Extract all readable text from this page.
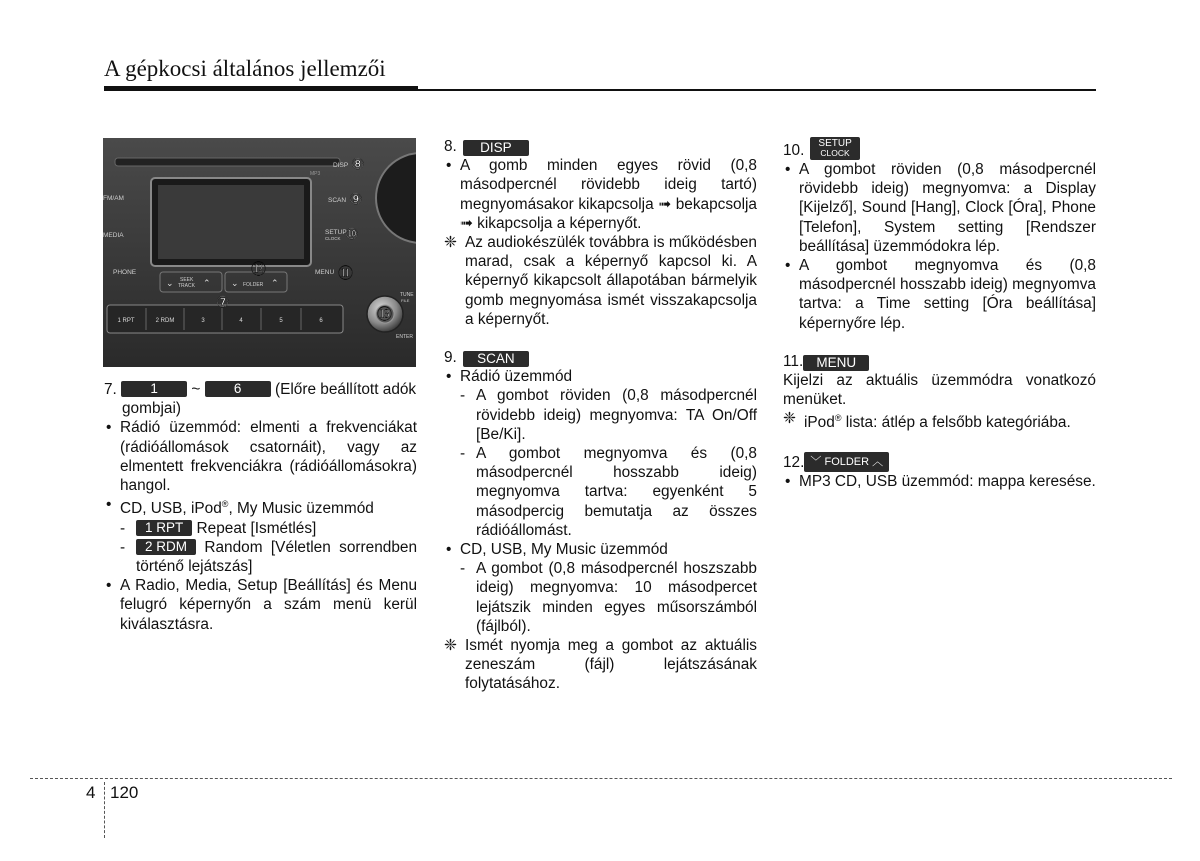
A gépkocsi általános jellemzői
FM/AM
MEDIA
PHONE
DISP
SCAN
SETUP
CLOCK
MENU
SEEK
TRACK	FOLDER
TUNE
FILE
ENTER
MP3
⌄	⌃ ⌄	⌃
1 RPT	2 RDM	3	4	5	6
⑧
⑨
⑩
⑪
⑫
⑦
⑬
7. 1 ~ 6 (Előre beállított adók
gombjai)
• Rádió üzemmód: elmenti a frekvenciákat (rádióállomások csatornáit), vagy az elmentett frekvenciákra (rádióállomásokra) hangol.
• CD, USB, iPod®, My Music üzemmód
- 1 RPT Repeat [Ismétlés]
- 2 RDM Random [Véletlen sorrendben történő lejátszás]
• A Radio, Media, Setup [Beállítás] és Menu felugró képernyőn a szám menü kerül kiválasztásra.
8.	DISP
• A gomb minden egyes rövid (0,8 másodpercnél rövidebb ideig tartó) megnyomásakor kikapcsolja ➟ bekapcsolja ➟ kikapcsolja a képernyőt.
❈ Az audiokészülék továbbra is működésben marad, csak a képernyő kapcsol ki. A képernyő kikapcsolt állapotában bármelyik gomb megnyomása ismét visszakapcsolja a képernyőt.
9.	SCAN
• Rádió üzemmód
- A gombot röviden (0,8 másodpercnél rövidebb ideig) megnyomva: TA On/Off [Be/Ki].
- A gombot megnyomva és (0,8 másodpercnél hosszabb ideig) megnyomva tartva: egyenként 5 másodpercig bemutatja az összes rádióállomást.
• CD, USB, My Music üzemmód
- A gombot (0,8 másodpercnél hoszszabb ideig) megnyomva: 10 másodpercet lejátszik minden egyes műsorszámból (fájlból).
❈ Ismét nyomja meg a gombot az aktuális zeneszám (fájl) lejátszásának folytatásához.
10. SETUP
CLOCK
• A gombot röviden (0,8 másodpercnél rövidebb ideig) megnyomva: a Display [Kijelző], Sound [Hang], Clock [Óra], Phone [Telefon], System setting [Rendszer beállítása] üzemmódokra lép.
• A gombot megnyomva és (0,8 másodpercnél hosszabb ideig) megnyomva tartva: a Time setting [Óra beállítása] képernyőre lép.
11. MENU
Kijelzi az aktuális üzemmódra vonatkozó menüket.
❈ iPod® lista: átlép a felsőbb kategóriába.
12. ﹀ FOLDER ︿
• MP3 CD, USB üzemmód: mappa keresése.
4 120
